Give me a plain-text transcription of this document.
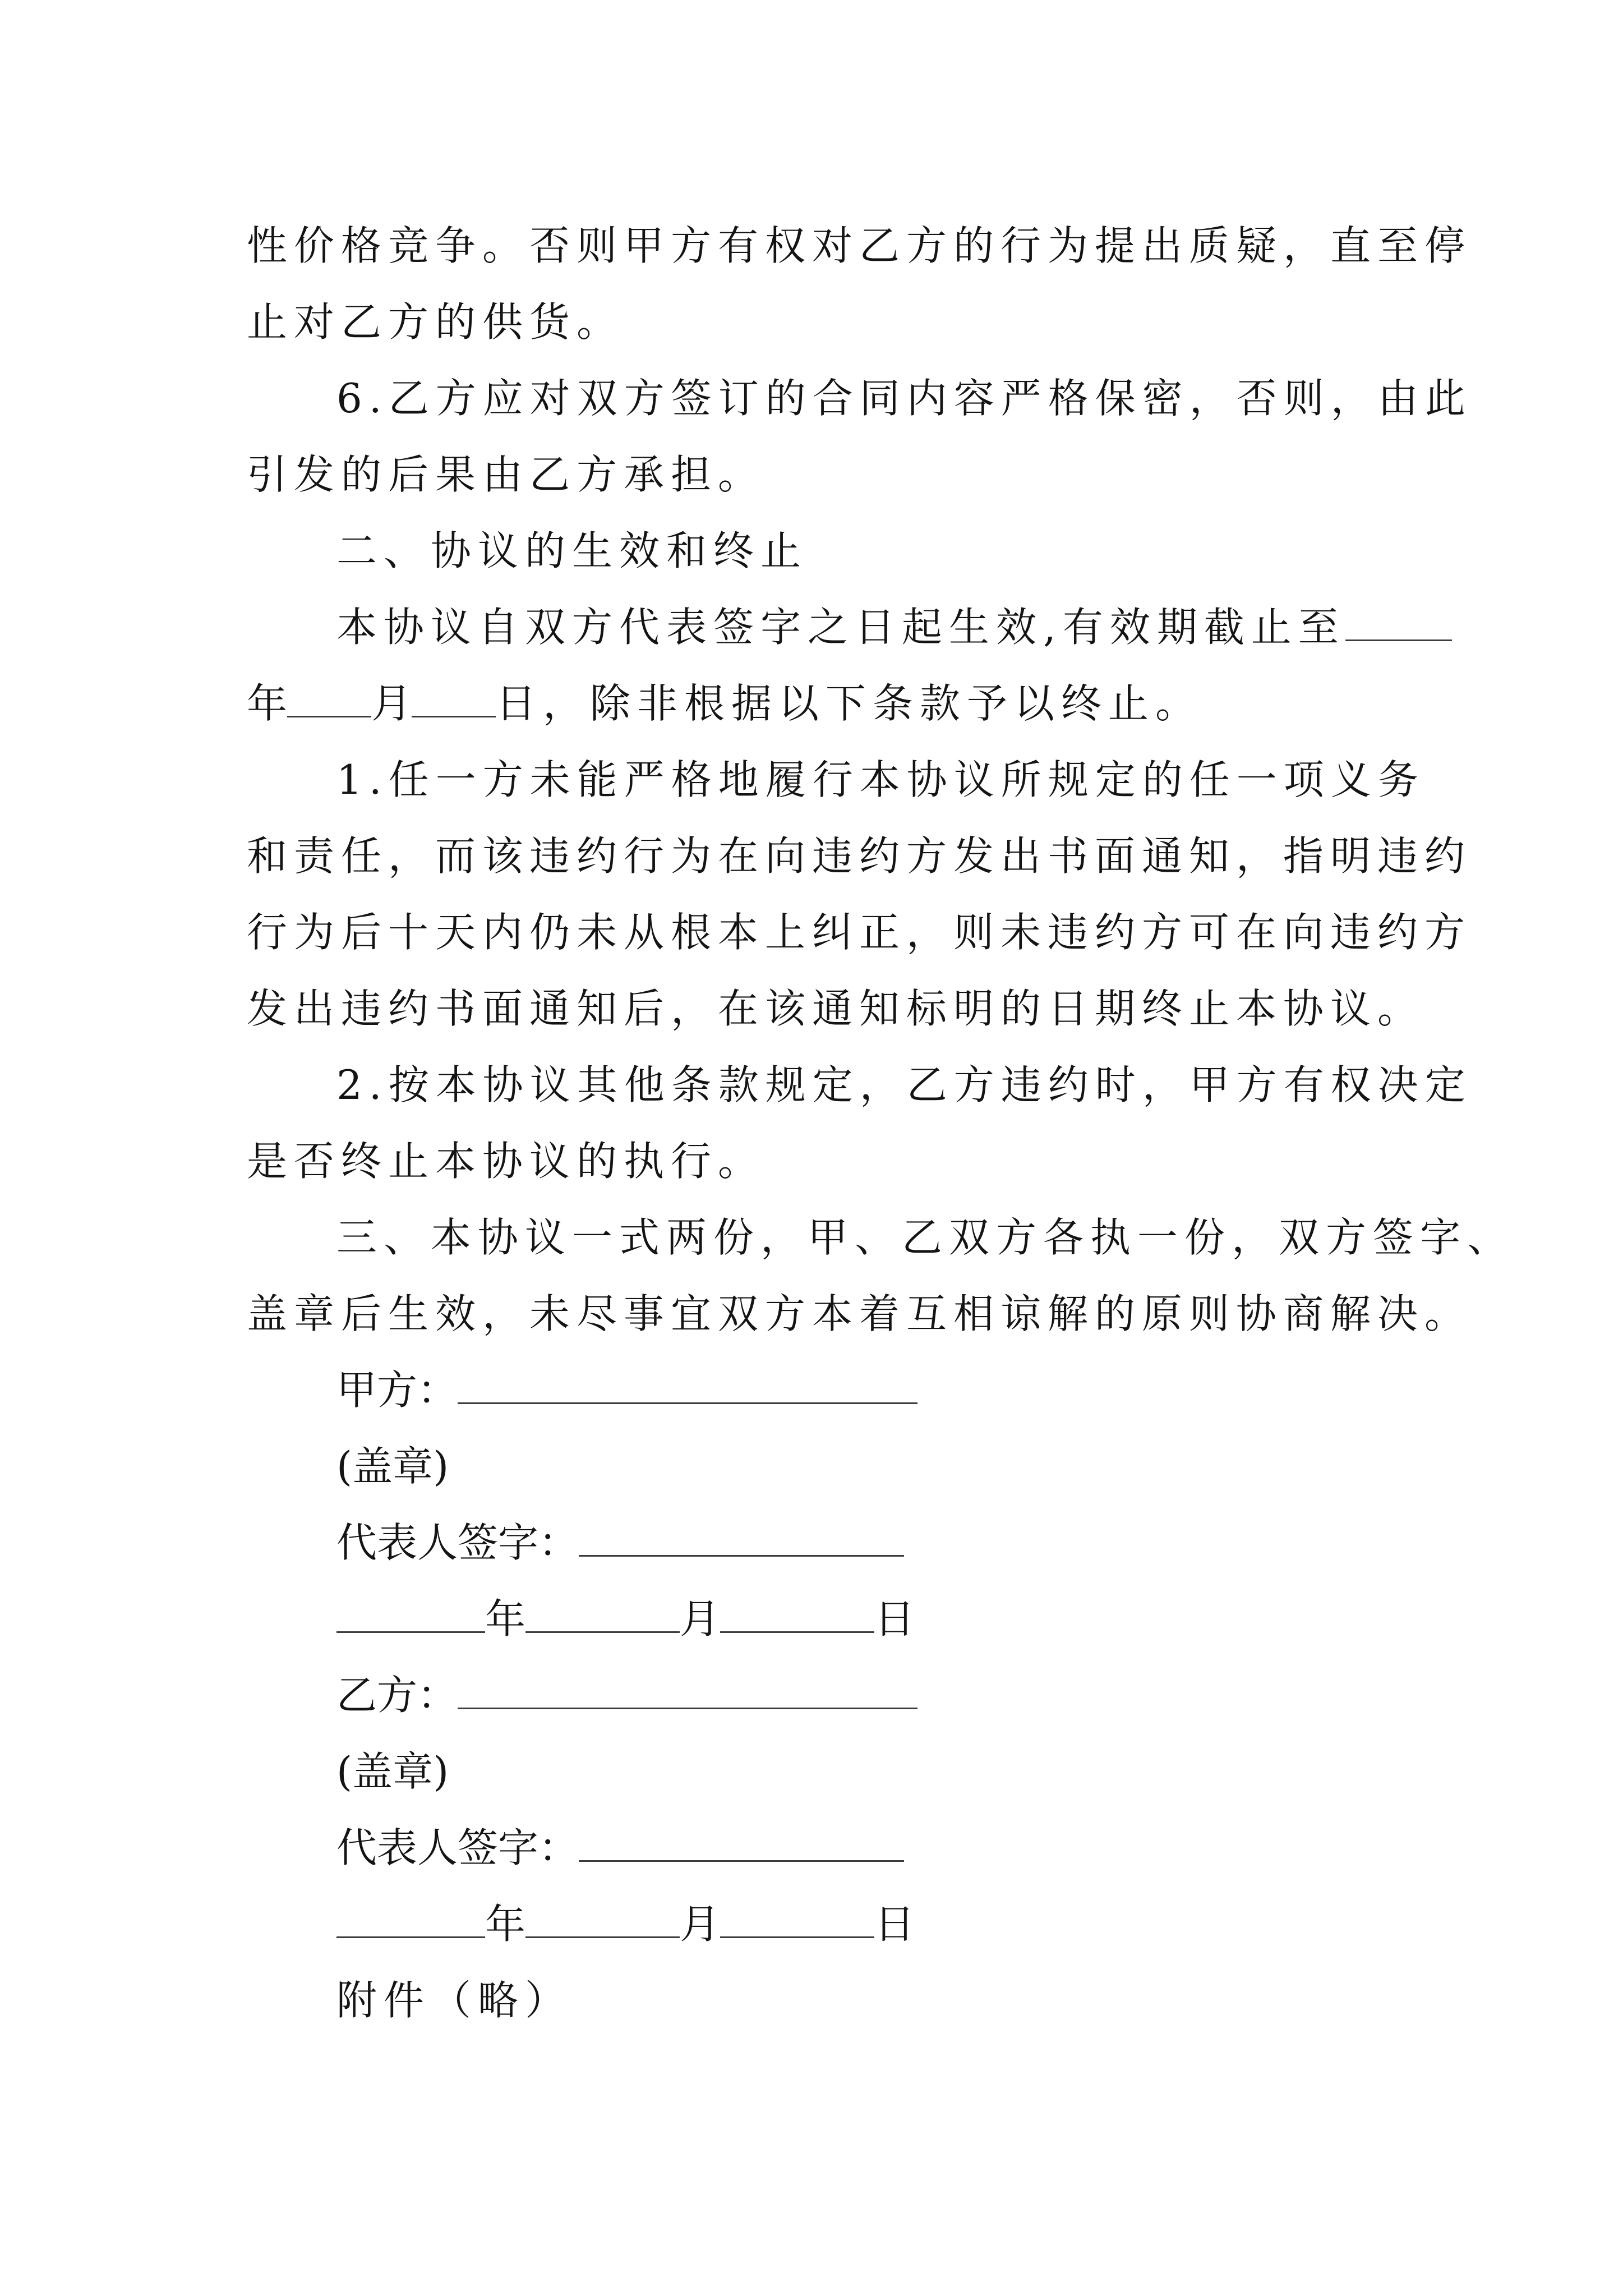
性价格竞争。否则甲方有权对乙方的行为提出质疑，直至停
止对乙方的供货。
6.乙方应对双方签订的合同内容严格保密，否则，由此
引发的后果由乙方承担。
二、协议的生效和终止
本协议自双方代表签字之日起生效,有效期截止至
年 月 日，除非根据以下条款予以终止。
1.任一方未能严格地履行本协议所规定的任一项义务
和责任，而该违约行为在向违约方发出书面通知，指明违约
行为后十天内仍未从根本上纠正，则未违约方可在向违约方
发出违约书面通知后，在该通知标明的日期终止本协议。
2.按本协议其他条款规定，乙方违约时，甲方有权决定
是否终止本协议的执行。
三、本协议一式两份，甲、乙双方各执一份，双方签字、
盖章后生效，未尽事宜双方本着互相谅解的原则协商解决。
甲方：
(盖章)
代表人签字：
年	月	日
乙方：
(盖章)
代表人签字：
年	月	日
附件（略）
